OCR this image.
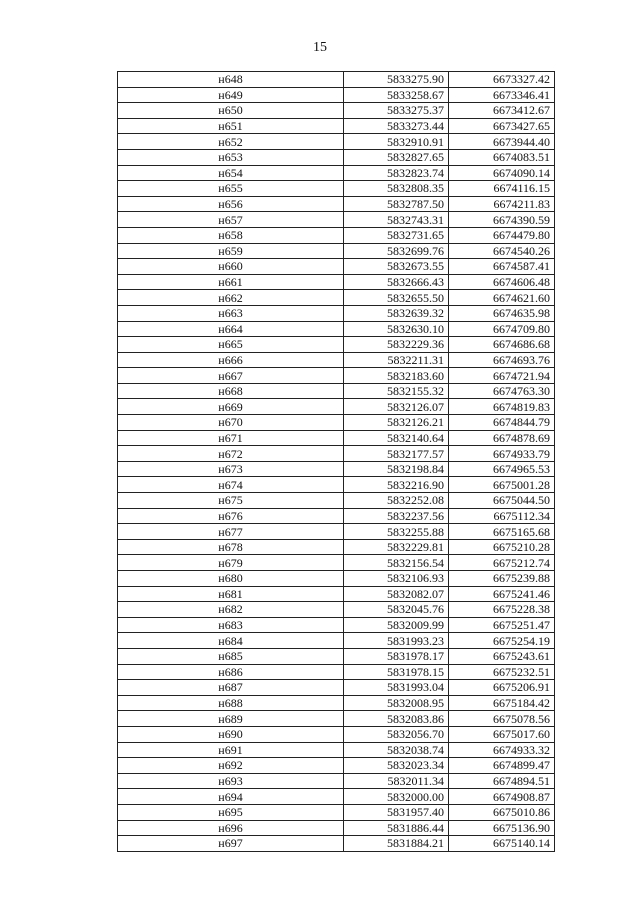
15
н648	5833275.90	6673327.42
н649	5833258.67	6673346.41
н650	5833275.37	6673412.67
н651	5833273.44	6673427.65
н652	5832910.91	6673944.40
н653	5832827.65	6674083.51
н654	5832823.74	6674090.14
н655	5832808.35	6674116.15
н656	5832787.50	6674211.83
н657	5832743.31	6674390.59
н658	5832731.65	6674479.80
н659	5832699.76	6674540.26
н660	5832673.55	6674587.41
н661	5832666.43	6674606.48
н662	5832655.50	6674621.60
н663	5832639.32	6674635.98
н664	5832630.10	6674709.80
н665	5832229.36	6674686.68
н666	5832211.31	6674693.76
н667	5832183.60	6674721.94
н668	5832155.32	6674763.30
н669	5832126.07	6674819.83
н670	5832126.21	6674844.79
н671	5832140.64	6674878.69
н672	5832177.57	6674933.79
н673	5832198.84	6674965.53
н674	5832216.90	6675001.28
н675	5832252.08	6675044.50
н676	5832237.56	6675112.34
н677	5832255.88	6675165.68
н678	5832229.81	6675210.28
н679	5832156.54	6675212.74
н680	5832106.93	6675239.88
н681	5832082.07	6675241.46
н682	5832045.76	6675228.38
н683	5832009.99	6675251.47
н684	5831993.23	6675254.19
н685	5831978.17	6675243.61
н686	5831978.15	6675232.51
н687	5831993.04	6675206.91
н688	5832008.95	6675184.42
н689	5832083.86	6675078.56
н690	5832056.70	6675017.60
н691	5832038.74	6674933.32
н692	5832023.34	6674899.47
н693	5832011.34	6674894.51
н694	5832000.00	6674908.87
н695	5831957.40	6675010.86
н696	5831886.44	6675136.90
н697	5831884.21	6675140.14
